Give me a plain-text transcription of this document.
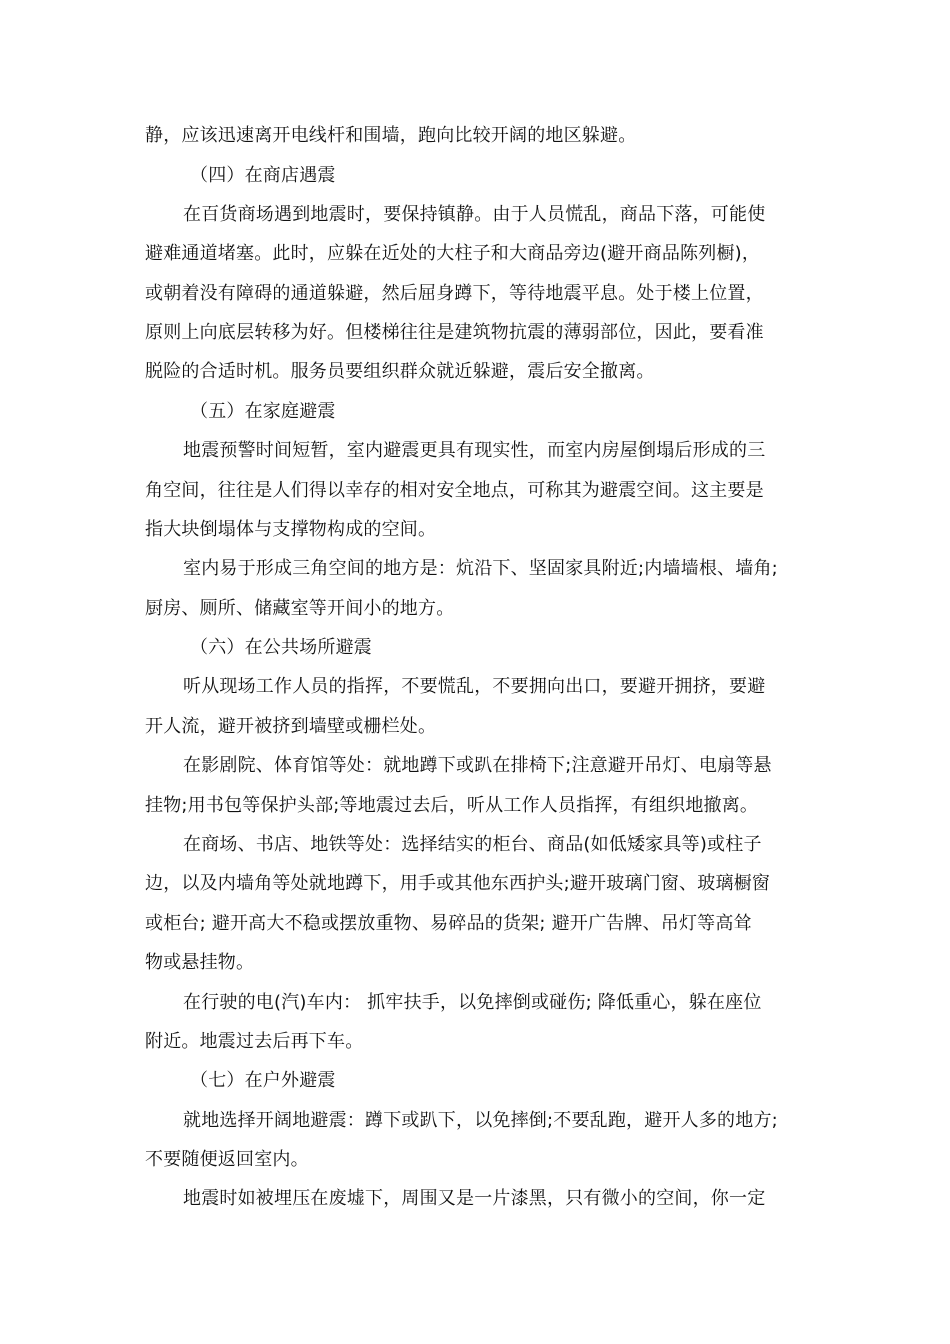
静，应该迅速离开电线杆和围墙，跑向比较开阔的地区躲避。
（四）在商店遇震
在百货商场遇到地震时，要保持镇静。由于人员慌乱，商品下落，可能使
避难通道堵塞。此时，应躲在近处的大柱子和大商品旁边(避开商品陈列橱)，
或朝着没有障碍的通道躲避，然后屈身蹲下，等待地震平息。处于楼上位置，
原则上向底层转移为好。但楼梯往往是建筑物抗震的薄弱部位，因此，要看准
脱险的合适时机。服务员要组织群众就近躲避，震后安全撤离。
（五）在家庭避震
地震预警时间短暂，室内避震更具有现实性，而室内房屋倒塌后形成的三
角空间，往往是人们得以幸存的相对安全地点，可称其为避震空间。这主要是
指大块倒塌体与支撑物构成的空间。
室内易于形成三角空间的地方是：炕沿下、坚固家具附近;内墙墙根、墙角;
厨房、厕所、储藏室等开间小的地方。
（六）在公共场所避震
听从现场工作人员的指挥，不要慌乱，不要拥向出口，要避开拥挤，要避
开人流，避开被挤到墙壁或栅栏处。
在影剧院、体育馆等处：就地蹲下或趴在排椅下;注意避开吊灯、电扇等悬
挂物;用书包等保护头部;等地震过去后，听从工作人员指挥，有组织地撤离。
在商场、书店、地铁等处：选择结实的柜台、商品(如低矮家具等)或柱子
边，以及内墙角等处就地蹲下，用手或其他东西护头;避开玻璃门窗、玻璃橱窗
或柜台; 避开高大不稳或摆放重物、易碎品的货架; 避开广告牌、吊灯等高耸
物或悬挂物。
在行驶的电(汽)车内： 抓牢扶手，以免摔倒或碰伤; 降低重心，躲在座位
附近。地震过去后再下车。
（七）在户外避震
就地选择开阔地避震：蹲下或趴下，以免摔倒;不要乱跑，避开人多的地方;
不要随便返回室内。
地震时如被埋压在废墟下，周围又是一片漆黑，只有微小的空间，你一定
